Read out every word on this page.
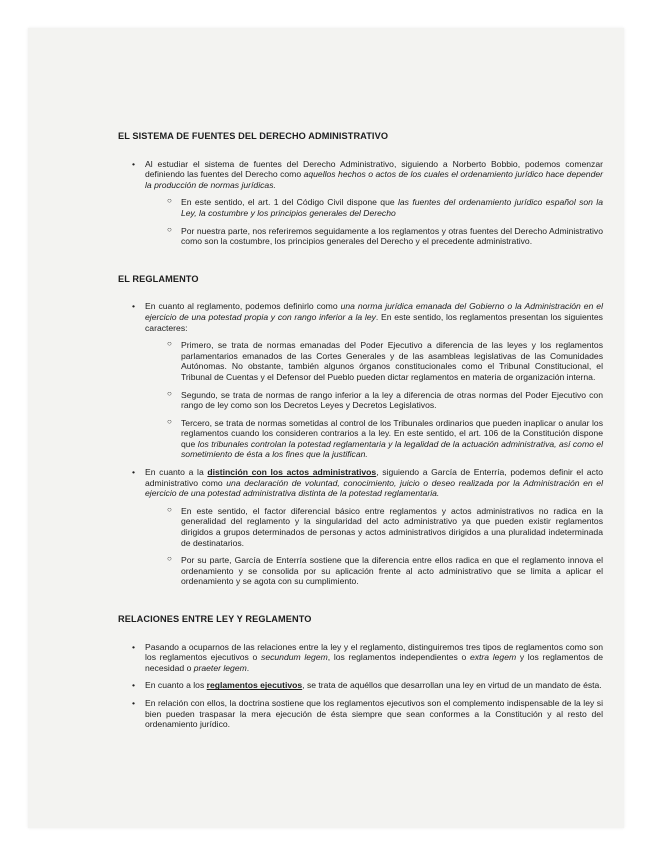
EL SISTEMA DE FUENTES DEL DERECHO ADMINISTRATIVO

• Al estudiar el sistema de fuentes del Derecho Administrativo, siguiendo a Norberto Bobbio, podemos comenzar definiendo las fuentes del Derecho como aquellos hechos o actos de los cuales el ordenamiento jurídico hace depender la producción de normas jurídicas.

○ En este sentido, el art. 1 del Código Civil dispone que las fuentes del ordenamiento jurídico español son la Ley, la costumbre y los principios generales del Derecho

○ Por nuestra parte, nos referiremos seguidamente a los reglamentos y otras fuentes del Derecho Administrativo como son la costumbre, los principios generales del Derecho y el precedente administrativo.

EL REGLAMENTO

• En cuanto al reglamento, podemos definirlo como una norma jurídica emanada del Gobierno o la Administración en el ejercicio de una potestad propia y con rango inferior a la ley. En este sentido, los reglamentos presentan los siguientes caracteres:

○ Primero, se trata de normas emanadas del Poder Ejecutivo a diferencia de las leyes y los reglamentos parlamentarios emanados de las Cortes Generales y de las asambleas legislativas de las Comunidades Autónomas. No obstante, también algunos órganos constitucionales como el Tribunal Constitucional, el Tribunal de Cuentas y el Defensor del Pueblo pueden dictar reglamentos en materia de organización interna.

○ Segundo, se trata de normas de rango inferior a la ley a diferencia de otras normas del Poder Ejecutivo con rango de ley como son los Decretos Leyes y Decretos Legislativos.

○ Tercero, se trata de normas sometidas al control de los Tribunales ordinarios que pueden inaplicar o anular los reglamentos cuando los consideren contrarios a la ley. En este sentido, el art. 106 de la Constitución dispone que los tribunales controlan la potestad reglamentaria y la legalidad de la actuación administrativa, así como el sometimiento de ésta a los fines que la justifican.

• En cuanto a la distinción con los actos administrativos, siguiendo a García de Enterría, podemos definir el acto administrativo como una declaración de voluntad, conocimiento, juicio o deseo realizada por la Administración en el ejercicio de una potestad administrativa distinta de la potestad reglamentaria.

○ En este sentido, el factor diferencial básico entre reglamentos y actos administrativos no radica en la generalidad del reglamento y la singularidad del acto administrativo ya que pueden existir reglamentos dirigidos a grupos determinados de personas y actos administrativos dirigidos a una pluralidad indeterminada de destinatarios.

○ Por su parte, García de Enterría sostiene que la diferencia entre ellos radica en que el reglamento innova el ordenamiento y se consolida por su aplicación frente al acto administrativo que se limita a aplicar el ordenamiento y se agota con su cumplimiento.

RELACIONES ENTRE LEY Y REGLAMENTO

• Pasando a ocuparnos de las relaciones entre la ley y el reglamento, distinguiremos tres tipos de reglamentos como son los reglamentos ejecutivos o secundum legem, los reglamentos independientes o extra legem y los reglamentos de necesidad o praeter legem.

• En cuanto a los reglamentos ejecutivos, se trata de aquéllos que desarrollan una ley en virtud de un mandato de ésta.

• En relación con ellos, la doctrina sostiene que los reglamentos ejecutivos son el complemento indispensable de la ley si bien pueden traspasar la mera ejecución de ésta siempre que sean conformes a la Constitución y al resto del ordenamiento jurídico.
